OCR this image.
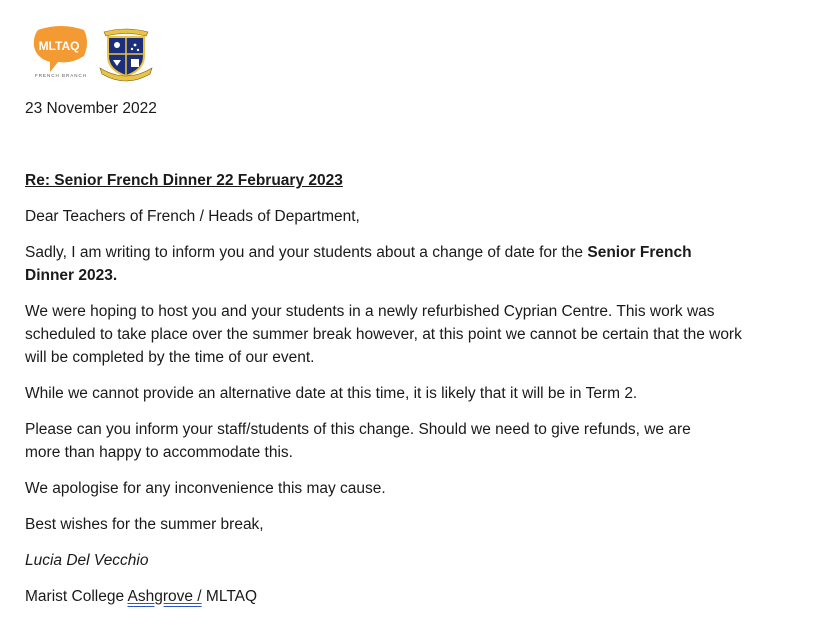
MLTAQ
FRENCH BRANCH

23 November 2022

Re: Senior French Dinner 22 February 2023

Dear Teachers of French / Heads of Department,

Sadly, I am writing to inform you and your students about a change of date for the Senior French Dinner 2023.

We were hoping to host you and your students in a newly refurbished Cyprian Centre. This work was scheduled to take place over the summer break however, at this point we cannot be certain that the work will be completed by the time of our event.

While we cannot provide an alternative date at this time, it is likely that it will be in Term 2.

Please can you inform your staff/students of this change. Should we need to give refunds, we are more than happy to accommodate this.

We apologise for any inconvenience this may cause.

Best wishes for the summer break,

Lucia Del Vecchio

Marist College Ashgrove / MLTAQ
